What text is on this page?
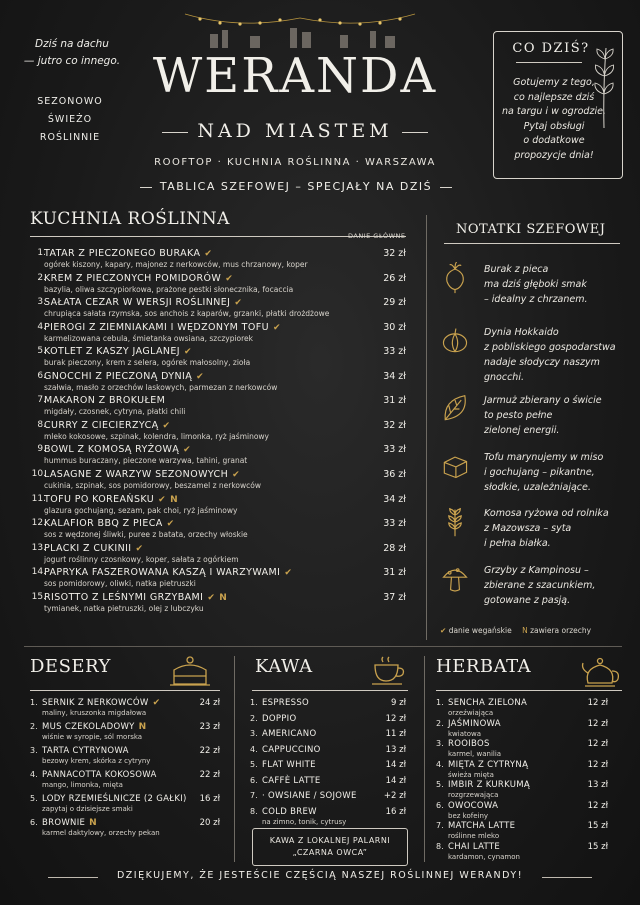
Dziś na dachu
— jutro co innego.
SEZONOWO
ŚWIEŻO
ROŚLINNIE
WERANDA
NAD MIASTEM
ROOFTOP · KUCHNIA ROŚLINNA · WARSZAWA
TABLICA SZEFOWEJ – SPECJAŁY NA DZIŚ
CO DZIŚ?
Gotujemy z tego,
co najlepsze dziś
na targu i w ogrodzie.
Pytaj obsługi
o dodatkowe
propozycje dnia!
KUCHNIA ROŚLINNA
DANIE GŁÓWNE
1.
TATAR Z PIECZONEGO BURAKA ✔
ogórek kiszony, kapary, majonez z nerkowców, mus chrzanowy, koper
32 zł
2.
KREM Z PIECZONYCH POMIDORÓW ✔
bazylia, oliwa szczypiorkowa, prażone pestki słonecznika, focaccia
26 zł
3.
SAŁATA CEZAR W WERSJI ROŚLINNEJ ✔
chrupiąca sałata rzymska, sos anchois z kaparów, grzanki, płatki drożdżowe
29 zł
4.
PIEROGI Z ZIEMNIAKAMI I WĘDZONYM TOFU ✔
karmelizowana cebula, śmietanka owsiana, szczypiorek
30 zł
5.
KOTLET Z KASZY JAGLANEJ ✔
burak pieczony, krem z selera, ogórek małosolny, zioła
33 zł
6.
GNOCCHI Z PIECZONĄ DYNIĄ ✔
szałwia, masło z orzechów laskowych, parmezan z nerkowców
34 zł
7.
MAKARON Z BROKUŁEM
migdały, czosnek, cytryna, płatki chili
31 zł
8.
CURRY Z CIECIERZYCĄ ✔
mleko kokosowe, szpinak, kolendra, limonka, ryż jaśminowy
32 zł
9.
BOWL Z KOMOSĄ RYŻOWĄ ✔
hummus buraczany, pieczone warzywa, tahini, granat
33 zł
10.
LASAGNE Z WARZYW SEZONOWYCH ✔
cukinia, szpinak, sos pomidorowy, beszamel z nerkowców
36 zł
11.
TOFU PO KOREAŃSKU ✔ N
glazura gochujang, sezam, pak choi, ryż jaśminowy
34 zł
12.
KALAFIOR BBQ Z PIECA ✔
sos z wędzonej śliwki, puree z batata, orzechy włoskie
33 zł
13.
PLACKI Z CUKINII ✔
jogurt roślinny czosnkowy, koper, sałata z ogórkiem
28 zł
14.
PAPRYKA FASZEROWANA KASZĄ I WARZYWAMI ✔
sos pomidorowy, oliwki, natka pietruszki
31 zł
15.
RISOTTO Z LEŚNYMI GRZYBAMI ✔ N
tymianek, natka pietruszki, olej z lubczyku
37 zł
NOTATKI SZEFOWEJ
Burak z pieca
ma dziś głęboki smak
– idealny z chrzanem.
Dynia Hokkaido
z pobliskiego gospodarstwa
nadaje słodyczy naszym
gnocchi.
Jarmuż zbierany o świcie
to pesto pełne
zielonej energii.
Tofu marynujemy w miso
i gochujang – pikantne,
słodkie, uzależniające.
Komosa ryżowa od rolnika
z Mazowsza – syta
i pełna białka.
Grzyby z Kampinosu –
zbierane z szacunkiem,
gotowane z pasją.
✔ danie wegańskie N zawiera orzechy
DESERY
1. SERNIK Z NERKOWCÓW ✔
maliny, kruszonka migdałowa
24 zł
2. MUS CZEKOLADOWY N
wiśnie w syropie, sól morska
23 zł
3. TARTA CYTRYNOWA
bezowy krem, skórka z cytryny
22 zł
4. PANNACOTTA KOKOSOWA
mango, limonka, mięta
22 zł
5. LODY RZEMIEŚLNICZE (2 GAŁKI)
zapytaj o dzisiejsze smaki
16 zł
6. BROWNIE N
karmel daktylowy, orzechy pekan
20 zł
KAWA
1. ESPRESSO	9 zł
2. DOPPIO	12 zł
3. AMERICANO	11 zł
4. CAPPUCCINO	13 zł
5. FLAT WHITE	14 zł
6. CAFFÈ LATTE	14 zł
7. · OWSIANE / SOJOWE	+2 zł
8. COLD BREW
na zimno, tonik, cytrusy
16 zł
KAWA Z LOKALNEJ PALARNI
„CZARNA OWCA”
HERBATA
1. SENCHA ZIELONA
orzeźwiająca
12 zł
2. JAŚMINOWA
kwiatowa
12 zł
3. ROOIBOS
karmel, wanilia
12 zł
4. MIĘTA Z CYTRYNĄ
świeża mięta
12 zł
5. IMBIR Z KURKUMĄ
rozgrzewająca
13 zł
6. OWOCOWA
bez kofeiny
12 zł
7. MATCHA LATTE
roślinne mleko
15 zł
8. CHAI LATTE
kardamon, cynamon
15 zł
DZIĘKUJEMY, ŻE JESTEŚCIE CZĘŚCIĄ NASZEJ ROŚLINNEJ WERANDY!
